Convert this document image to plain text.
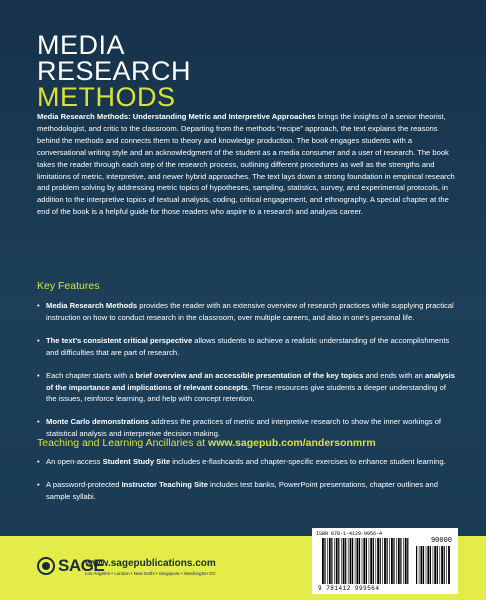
MEDIA
RESEARCH
METHODS

Media Research Methods: Understanding Metric and Interpretive Approaches brings the insights of a senior theorist, methodologist, and critic to the classroom. Departing from the methods “recipe” approach, the text explains the reasons behind the methods and connects them to theory and knowledge production. The book engages students with a conversational writing style and an acknowledgment of the student as a media consumer and a user of research. The book takes the reader through each step of the research process, outlining different procedures as well as the strengths and limitations of metric, interpretive, and newer hybrid approaches. The text lays down a strong foundation in empirical research and problem solving by addressing metric topics of hypotheses, sampling, statistics, survey, and experimental protocols, in addition to the interpretive topics of textual analysis, coding, critical engagement, and ethnography. A special chapter at the end of the book is a helpful guide for those readers who aspire to a research and analysis career.

Key Features
• Media Research Methods provides the reader with an extensive overview of research practices while supplying practical instruction on how to conduct research in the classroom, over multiple careers, and also in one’s personal life.
• The text’s consistent critical perspective allows students to achieve a realistic understanding of the accomplishments and difficulties that are part of research.
• Each chapter starts with a brief overview and an accessible presentation of the key topics and ends with an analysis of the importance and implications of relevant concepts. These resources give students a deeper understanding of the issues, reinforce learning, and help with concept retention.
• Monte Carlo demonstrations address the practices of metric and interpretive research to show the inner workings of statistical analysis and interpretive decision making.
Teaching and Learning Ancillaries at www.sagepub.com/andersonmrm
• An open-access Student Study Site includes e-flashcards and chapter-specific exercises to enhance student learning.
• A password-protected Instructor Teaching Site includes test banks, PowerPoint presentations, chapter outlines and sample syllabi.
SAGE
www.sagepublications.com
Los Angeles • London • New Delhi • Singapore • Washington DC
ISBN 978-1-4129-9956-4
90000
9 781412 999564
